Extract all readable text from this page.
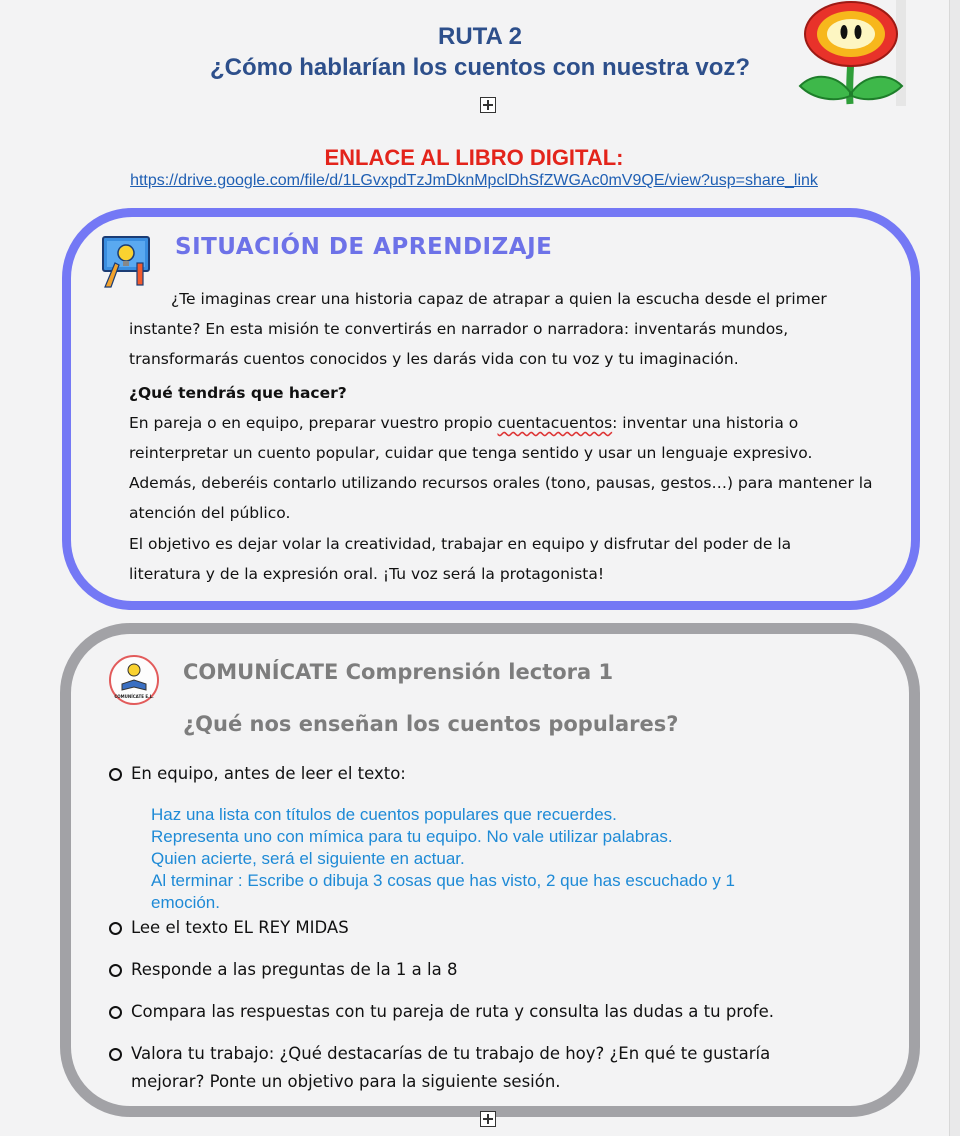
RUTA 2
¿Cómo hablarían los cuentos con nuestra voz?
ENLACE AL LIBRO DIGITAL:
https://drive.google.com/file/d/1LGvxpdTzJmDknMpclDhSfZWGAc0mV9QE/view?usp=share_link
SITUACIÓN DE APRENDIZAJE
¿Te imaginas crear una historia capaz de atrapar a quien la escucha desde el primer
instante? En esta misión te convertirás en narrador o narradora: inventarás mundos,
transformarás cuentos conocidos y les darás vida con tu voz y tu imaginación.
¿Qué tendrás que hacer?
En pareja o en equipo, preparar vuestro propio cuentacuentos: inventar una historia o
reinterpretar un cuento popular, cuidar que tenga sentido y usar un lenguaje expresivo.
Además, deberéis contarlo utilizando recursos orales (tono, pausas, gestos…) para mantener la
atención del público.
El objetivo es dejar volar la creatividad, trabajar en equipo y disfrutar del poder de la
literatura y de la expresión oral. ¡Tu voz será la protagonista!
COMUNÍCATE E.L.
COMUNÍCATE Comprensión lectora 1
¿Qué nos enseñan los cuentos populares?
En equipo, antes de leer el texto:
Haz una lista con títulos de cuentos populares que recuerdes.
Representa uno con mímica para tu equipo. No vale utilizar palabras.
Quien acierte, será el siguiente en actuar.
Al terminar : Escribe o dibuja 3 cosas que has visto, 2 que has escuchado y 1
emoción.
Lee el texto EL REY MIDAS
Responde a las preguntas de la 1 a la 8
Compara las respuestas con tu pareja de ruta y consulta las dudas a tu profe.
Valora tu trabajo: ¿Qué destacarías de tu trabajo de hoy? ¿En qué te gustaría
mejorar? Ponte un objetivo para la siguiente sesión.
